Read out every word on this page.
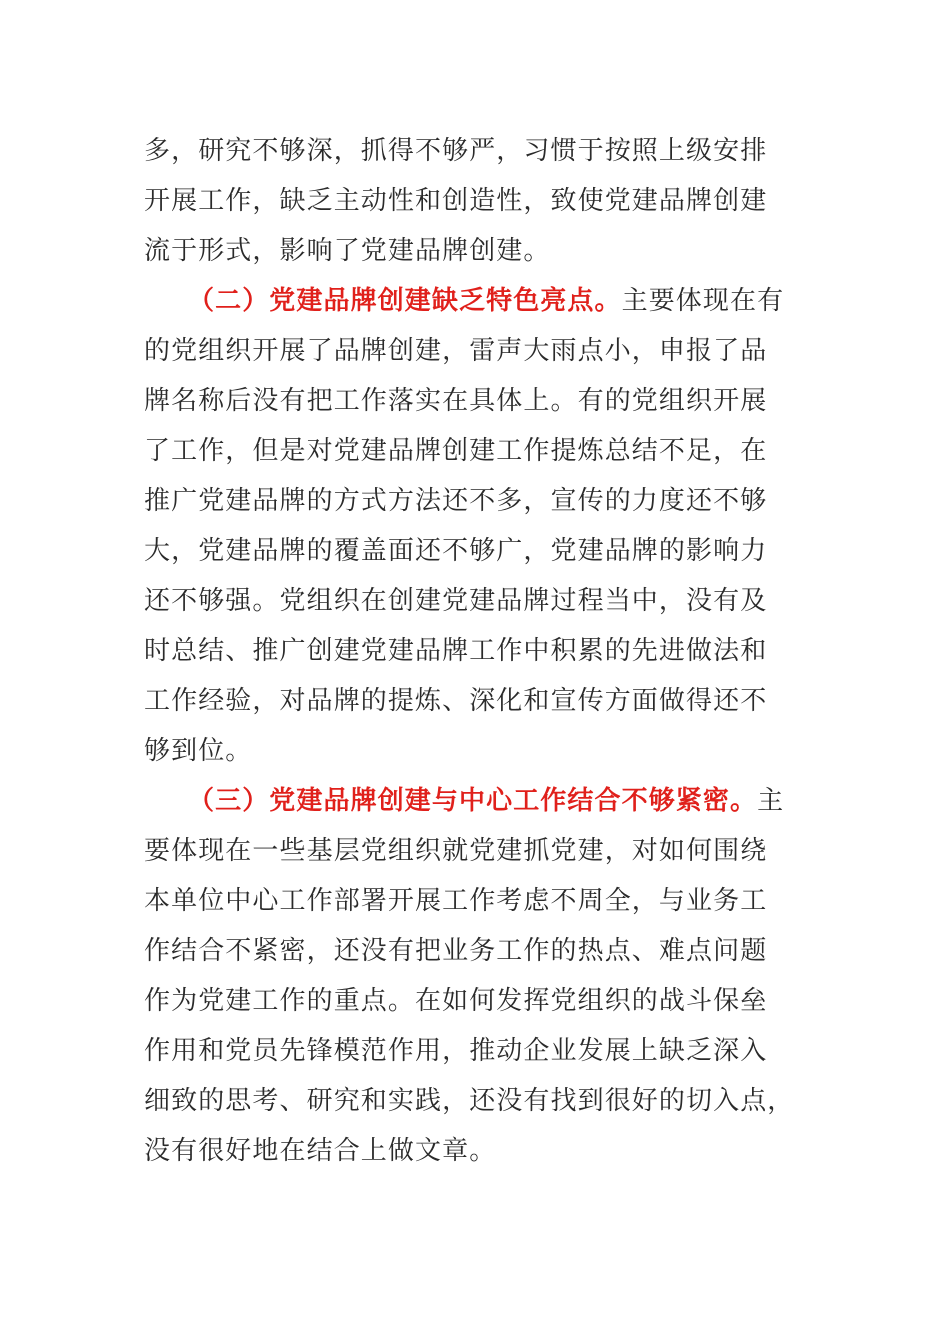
多，研究不够深，抓得不够严，习惯于按照上级安排
开展工作，缺乏主动性和创造性，致使党建品牌创建
流于形式，影响了党建品牌创建。
（二）党建品牌创建缺乏特色亮点。主要体现在有
的党组织开展了品牌创建，雷声大雨点小，申报了品
牌名称后没有把工作落实在具体上。有的党组织开展
了工作，但是对党建品牌创建工作提炼总结不足，在
推广党建品牌的方式方法还不多，宣传的力度还不够
大，党建品牌的覆盖面还不够广，党建品牌的影响力
还不够强。党组织在创建党建品牌过程当中，没有及
时总结、推广创建党建品牌工作中积累的先进做法和
工作经验，对品牌的提炼、深化和宣传方面做得还不
够到位。
（三）党建品牌创建与中心工作结合不够紧密。主
要体现在一些基层党组织就党建抓党建，对如何围绕
本单位中心工作部署开展工作考虑不周全，与业务工
作结合不紧密，还没有把业务工作的热点、难点问题
作为党建工作的重点。在如何发挥党组织的战斗保垒
作用和党员先锋模范作用，推动企业发展上缺乏深入
细致的思考、研究和实践，还没有找到很好的切入点，
没有很好地在结合上做文章。
